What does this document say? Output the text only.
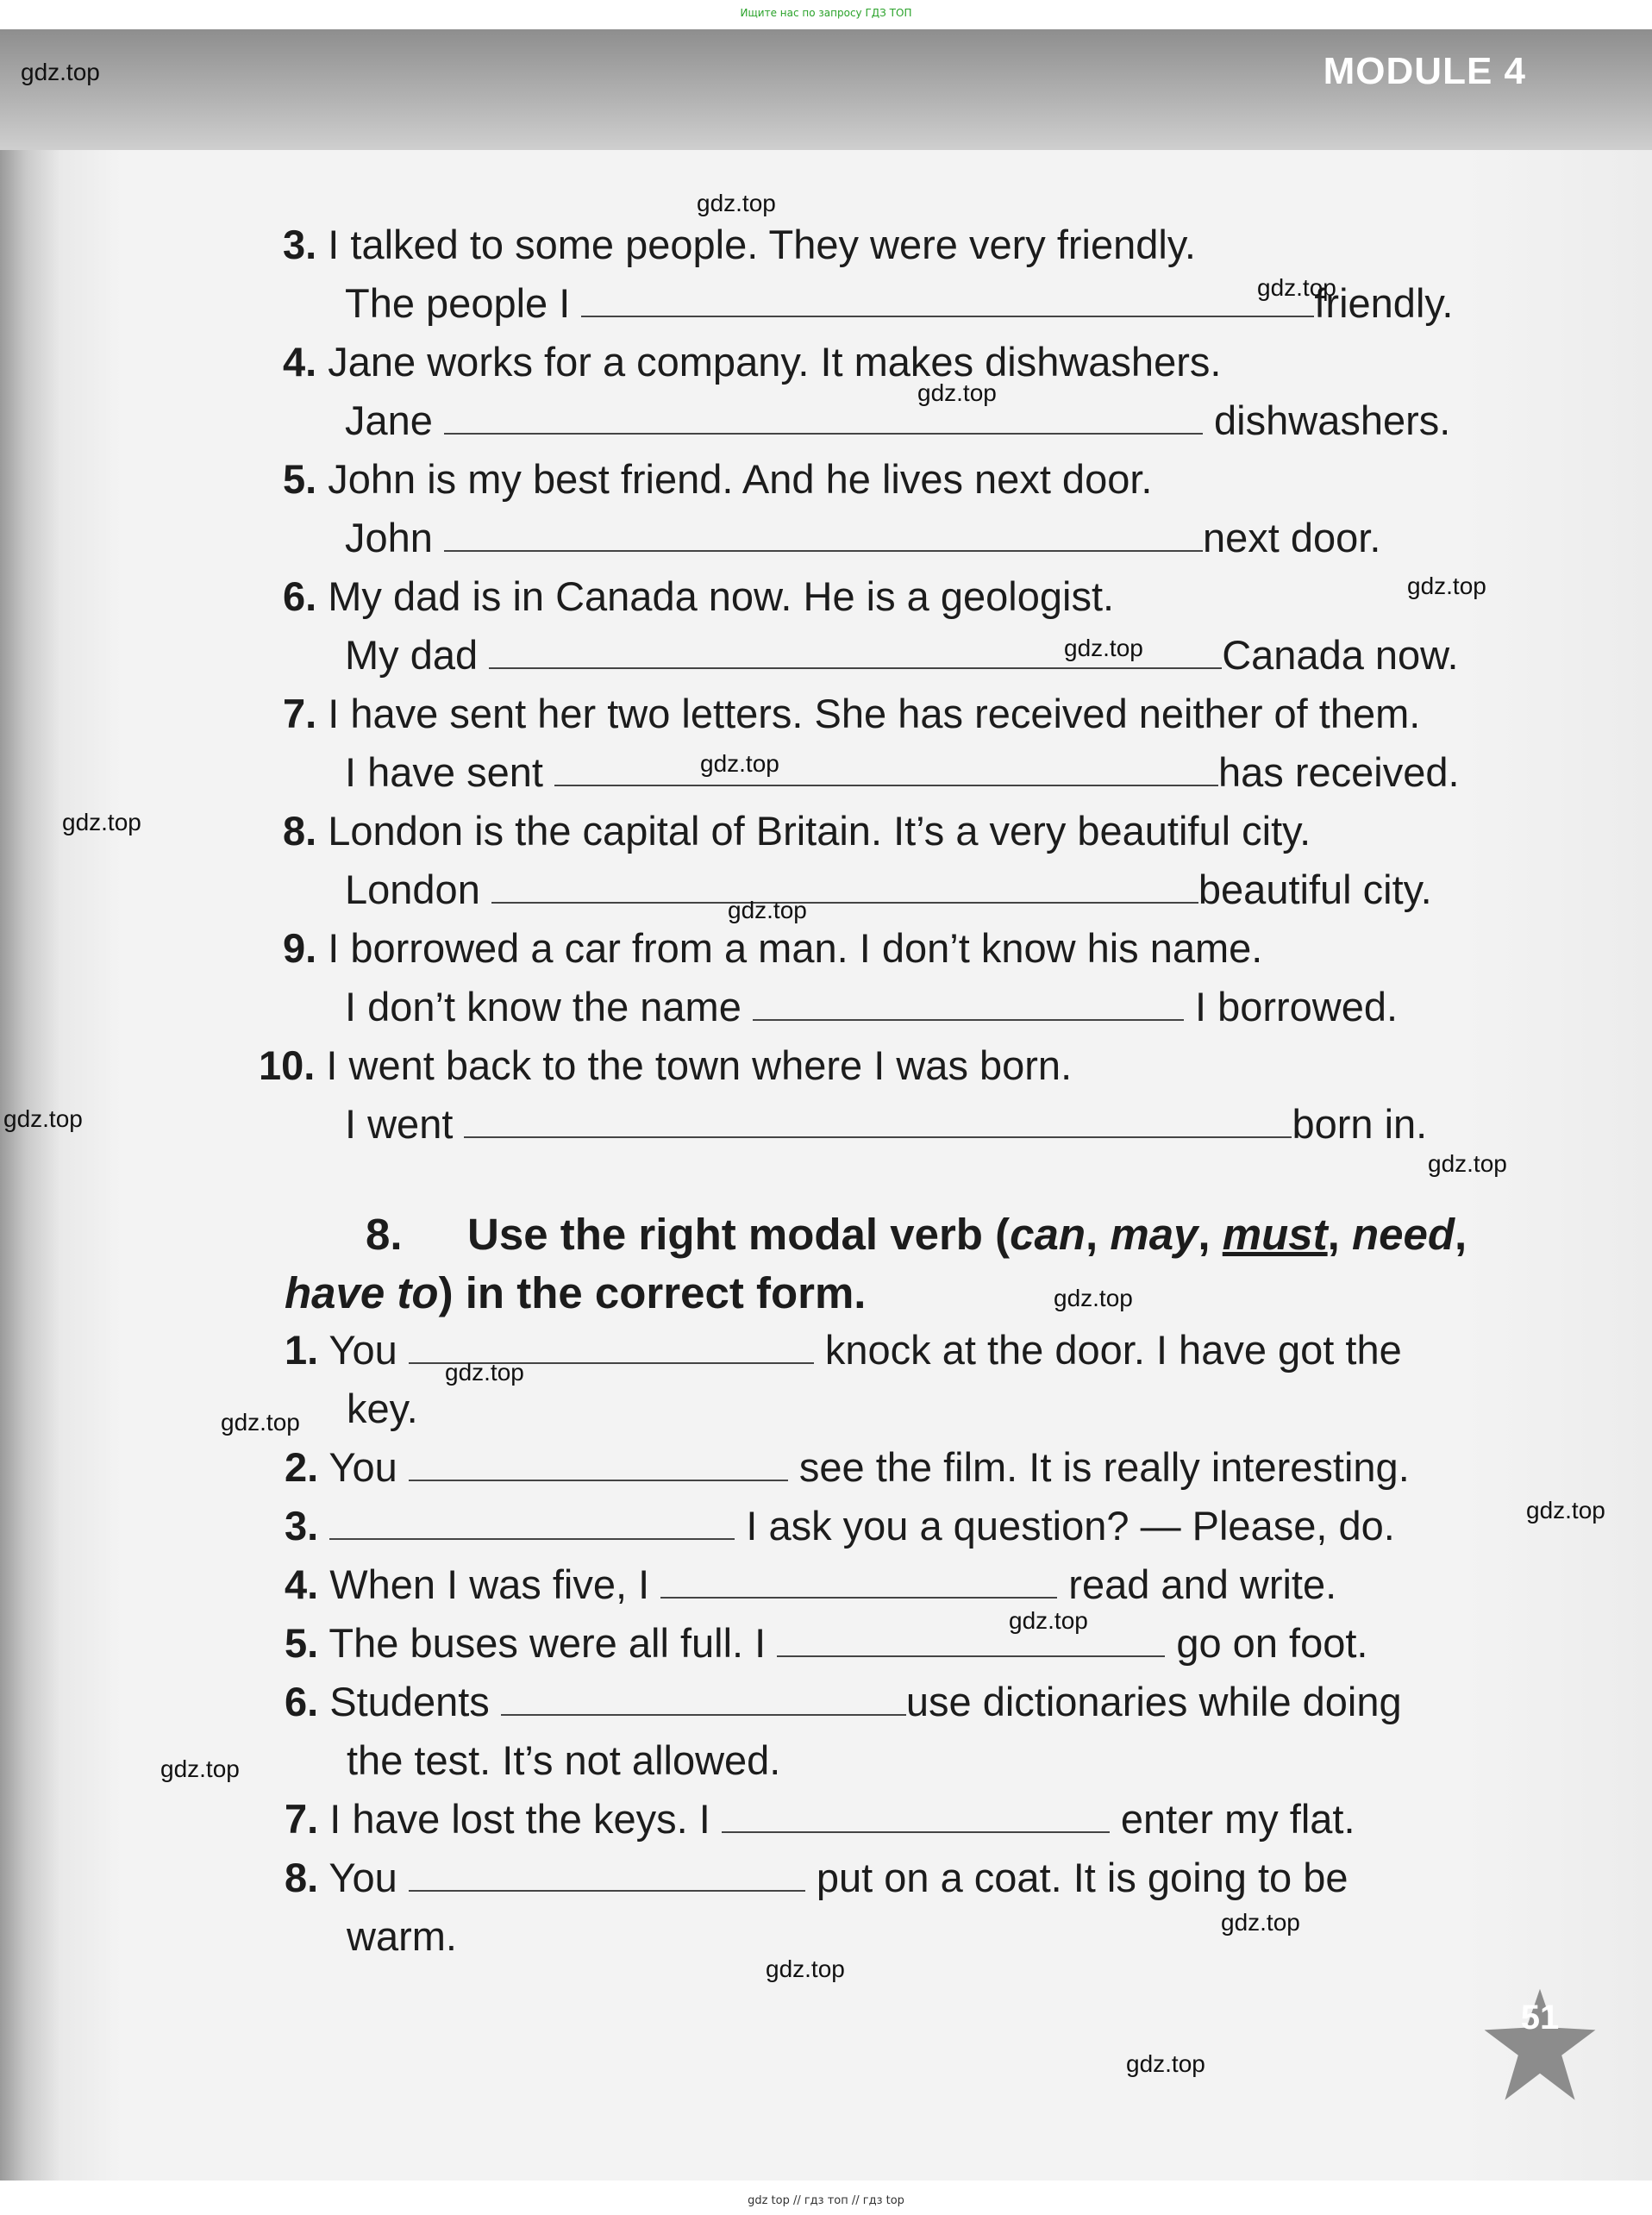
Ищите нас по запросу ГДЗ ТОП
MODULE 4
3. I talked to some people. They were very friendly.
The people I	friendly.
4. Jane works for a company. It makes dishwashers.
Jane	dishwashers.
5. John is my best friend. And he lives next door.
John	next door.
6. My dad is in Canada now. He is a geologist.
My dad	Canada now.
7. I have sent her two letters. She has received neither of them.
I have sent	has received.
8. London is the capital of Britain. It’s a very beautiful city.
London	beautiful city.
9. I borrowed a car from a man. I don’t know his name.
I don’t know the name	I borrowed.
10. I went back to the town where I was born.
I went	born in.
8. Use the right modal verb (can, may, must, need,
have to) in the correct form.
1. You	knock at the door. I have got the
key.
2. You	see the film. It is really interesting.
3.	I ask you a question? — Please, do.
4. When I was five, I	read and write.
5. The buses were all full. I	go on foot.
6. Students	use dictionaries while doing
the test. It’s not allowed.
7. I have lost the keys. I	enter my flat.
8. You	put on a coat. It is going to be
warm.
51
gdz.top
gdz.top
gdz.top
gdz.top
gdz.top
gdz.top
gdz.top
gdz.top
gdz.top
gdz.top
gdz.top
gdz.top
gdz.top
gdz.top
gdz.top
gdz.top
gdz.top
gdz.top
gdz.top
gdz.top
gdz top // гдз топ // гдз top
